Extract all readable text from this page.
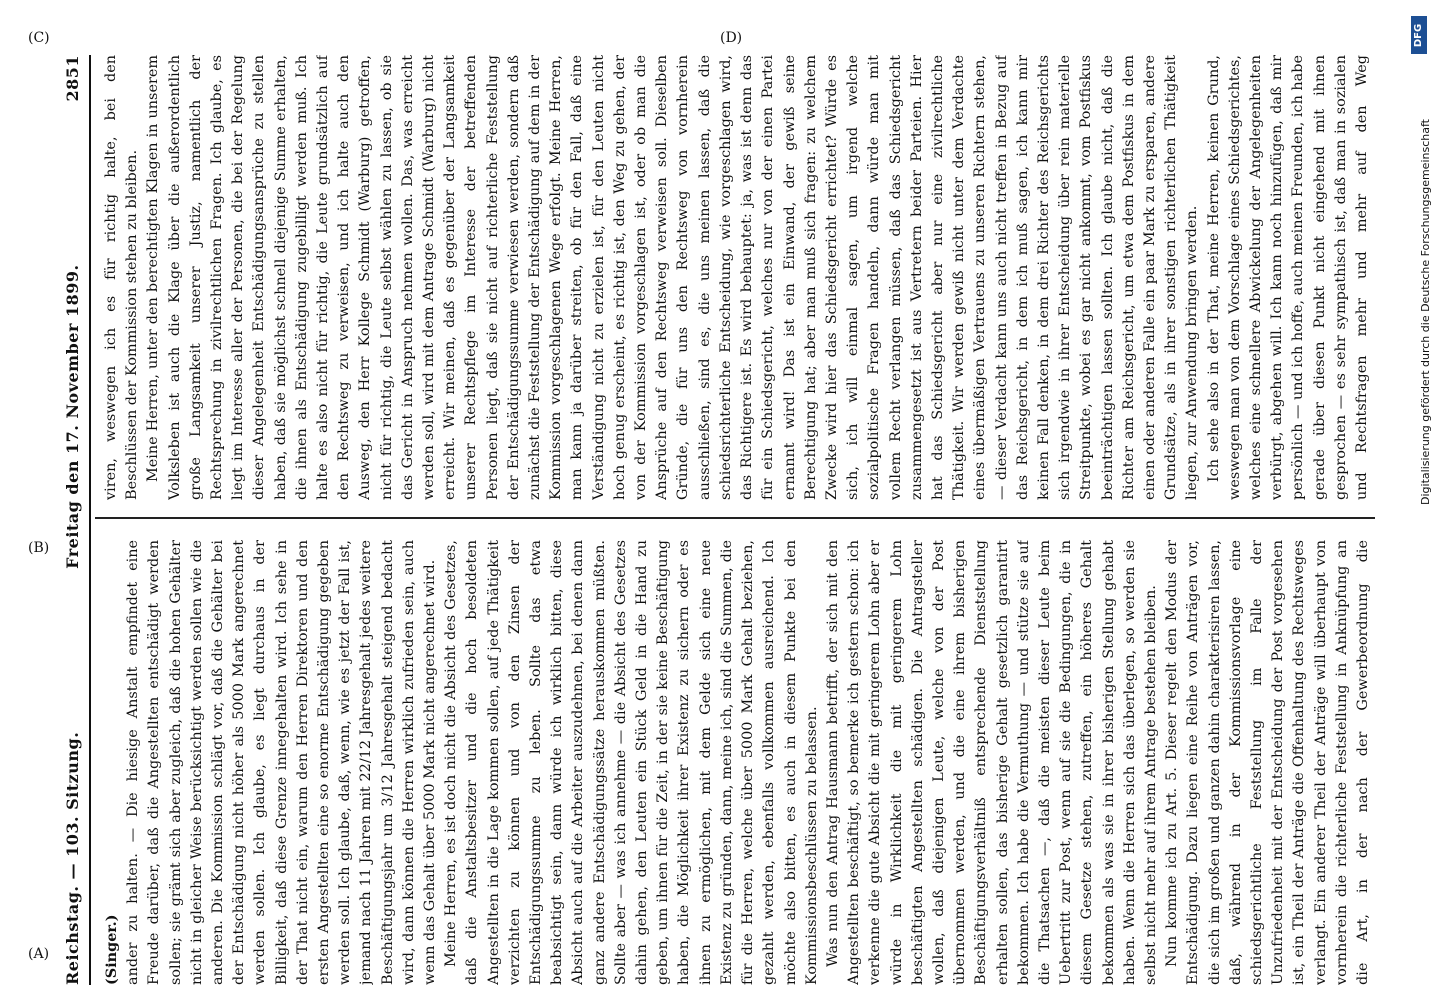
Reichstag. — 103. Sitzung.
Freitag den 17. November 1899.
2851

(Singer.) ander zu halten. — Die hiesige Anstalt empfindet eine Freude darüber, daß die Angestellten entschädigt werden sollen; sie grämt sich aber zugleich, daß die hohen Gehälter nicht in gleicher Weise berücksichtigt werden sollen wie die anderen. Die Kommission schlägt vor, daß die Gehälter bei der Entschädigung nicht höher als 5000 Mark angerechnet werden sollen. Ich glaube, es liegt durchaus in der Billigkeit, daß diese Grenze innegehalten wird. Ich sehe in der That nicht ein, warum den Herren Direktoren und den ersten Angestellten eine so enorme Entschädigung gegeben werden soll. Ich glaube, daß, wenn, wie es jetzt der Fall ist, jemand nach 11 Jahren mit 22/12 Jahresgehalt jedes weitere Beschäftigungsjahr um 3/12 Jahresgehalt steigend bedacht wird, dann können die Herren wirklich zufrieden sein, auch wenn das Gehalt über 5000 Mark nicht angerechnet wird. Meine Herren, es ist doch nicht die Absicht des Gesetzes, daß die Anstaltsbesitzer und die hoch besoldeten Angestellten in die Lage kommen sollen, auf jede Thätigkeit verzichten zu können und von den Zinsen der Entschädigungssumme zu leben. Sollte das etwa beabsichtigt sein, dann würde ich wirklich bitten, diese Absicht auch auf die Arbeiter auszudehnen, bei denen dann ganz andere Entschädigungssätze herauskommen müßten. Sollte aber — was ich annehme — die Absicht des Gesetzes dahin gehen, den Leuten ein Stück Geld in die Hand zu geben, um ihnen für die Zeit, in der sie keine Beschäftigung haben, die Möglichkeit ihrer Existenz zu sichern oder es ihnen zu ermöglichen, mit dem Gelde sich eine neue Existenz zu gründen, dann, meine ich, sind die Summen, die für die Herren, welche über 5000 Mark Gehalt beziehen, gezahlt werden, ebenfalls vollkommen ausreichend. Ich möchte also bitten, es auch in diesem Punkte bei den Kommissionsbeschlüssen zu belassen. Was nun den Antrag Hausmann betrifft, der sich mit den Angestellten beschäftigt, so bemerke ich gestern schon: ich verkenne die gute Absicht die mit geringerem Lohn aber er würde in Wirklichkeit die mit geringerem Lohn beschäftigten Angestellten schädigen. Die Antragsteller wollen, daß diejenigen Leute, welche von der Post übernommen werden, und die eine ihrem bisherigen Beschäftigungsverhältniß entsprechende Dienststellung erhalten sollen, das bisherige Gehalt gesetzlich garantirt bekommen. Ich habe die Vermuthung — und stütze sie auf die Thatsachen —, daß die meisten dieser Leute beim Uebertritt zur Post, wenn auf sie die Bedingungen, die in diesem Gesetze stehen, zutreffen, ein höheres Gehalt bekommen als was sie in ihrer bisherigen Stellung gehabt haben. Wenn die Herren sich das überlegen, so werden sie selbst nicht mehr auf ihrem Antrage bestehen bleiben. Nun komme ich zu Art. 5. Dieser regelt den Modus der Entschädigung. Dazu liegen eine Reihe von Anträgen vor, die sich im großen und ganzen dahin charakterisiren lassen, daß, während in der Kommissionsvorlage eine schiedsgerichtliche Feststellung im Falle der Unzufriedenheit mit der Entscheidung der Post vorgesehen ist, ein Theil der Anträge die Offenhaltung des Rechtsweges verlangt. Ein anderer Theil der Anträge will überhaupt von vornherein die richterliche Feststellung in Anknüpfung an die Art, in der nach der Gewerbeordnung die

viren, weswegen ich es für richtig halte, bei den Beschlüssen der Kommission stehen zu bleiben. Meine Herren, unter den berechtigten Klagen in unserem Volksleben ist auch die Klage über die außerordentlich große Langsamkeit unserer Justiz, namentlich der Rechtsprechung in zivilrechtlichen Fragen. Ich glaube, es liegt im Interesse aller der Personen, die bei der Regelung dieser Angelegenheit Entschädigungsansprüche zu stellen haben, daß sie möglichst schnell diejenige Summe erhalten, die ihnen als Entschädigung zugebilligt werden muß. Ich halte es also nicht für richtig, die Leute grundsätzlich auf den Rechtsweg zu verweisen, und ich halte auch den Ausweg, den Herr Kollege Schmidt (Warburg) getroffen, nicht für richtig, die Leute selbst wählen zu lassen, ob sie das Gericht in Anspruch nehmen wollen. Das, was erreicht werden soll, wird mit dem Antrage Schmidt (Warburg) nicht erreicht. Wir meinen, daß es gegenüber der Langsamkeit unserer Rechtspflege im Interesse der betreffenden Personen liegt, daß sie nicht auf richterliche Feststellung der Entschädigungssumme verwiesen werden, sondern daß zunächst die Feststellung der Entschädigung auf dem in der Kommission vorgeschlagenen Wege erfolgt. Meine Herren, man kann ja darüber streiten, ob für den Fall, daß eine Verständigung nicht zu erzielen ist, für den Leuten nicht hoch genug erscheint, es richtig ist, den Weg zu gehen, der von der Kommission vorgeschlagen ist, oder ob man die Ansprüche auf den Rechtsweg verweisen soll. Dieselben Gründe, die für uns den Rechtsweg von vornherein ausschließen, sind es, die uns meinen lassen, daß die schiedsrichterliche Entscheidung, wie vorgeschlagen wird, das Richtigere ist. Es wird behauptet: ja, was ist denn das für ein Schiedsgericht, welches nur von der einen Partei ernannt wird! Das ist ein Einwand, der gewiß seine Berechtigung hat; aber man muß sich fragen: zu welchem Zwecke wird hier das Schiedsgericht errichtet? Würde es sich, ich will einmal sagen, um irgend welche sozialpolitische Fragen handeln, dann würde man mit vollem Recht verlangen müssen, daß das Schiedsgericht zusammengesetzt ist aus Vertretern beider Parteien. Hier hat das Schiedsgericht aber nur eine zivilrechtliche Thätigkeit. Wir werden gewiß nicht unter dem Verdachte eines übermäßigen Vertrauens zu unseren Richtern stehen, — dieser Verdacht kann uns auch nicht treffen in Bezug auf das Reichsgericht, in dem ich muß sagen, ich kann mir keinen Fall denken, in dem drei Richter des Reichsgerichts sich irgendwie in ihrer Entscheidung über rein materielle Streitpunkte, wobei es gar nicht ankommt, vom Postfiskus beeinträchtigen lassen sollten. Ich glaube nicht, daß die Richter am Reichsgericht, um etwa dem Postfiskus in dem einen oder anderen Falle ein paar Mark zu ersparen, andere Grundsätze, als in ihrer sonstigen richterlichen Thätigkeit liegen, zur Anwendung bringen werden. Ich sehe also in der That, meine Herren, keinen Grund, weswegen man von dem Vorschlage eines Schiedsgerichtes, welches eine schnellere Abwickelung der Angelegenheiten verbürgt, abgehen will. Ich kann noch hinzufügen, daß mir persönlich — und ich hoffe, auch meinen Freunden, ich habe gerade über diesen Punkt nicht eingehend mit ihnen gesprochen — es sehr sympathisch ist, daß man in sozialen und Rechtsfragen mehr und mehr auf den Weg

(A)
(B)
(C)	(D)	DFG
Digitalisierung gefördert durch die Deutsche Forschungsgemeinschaft
